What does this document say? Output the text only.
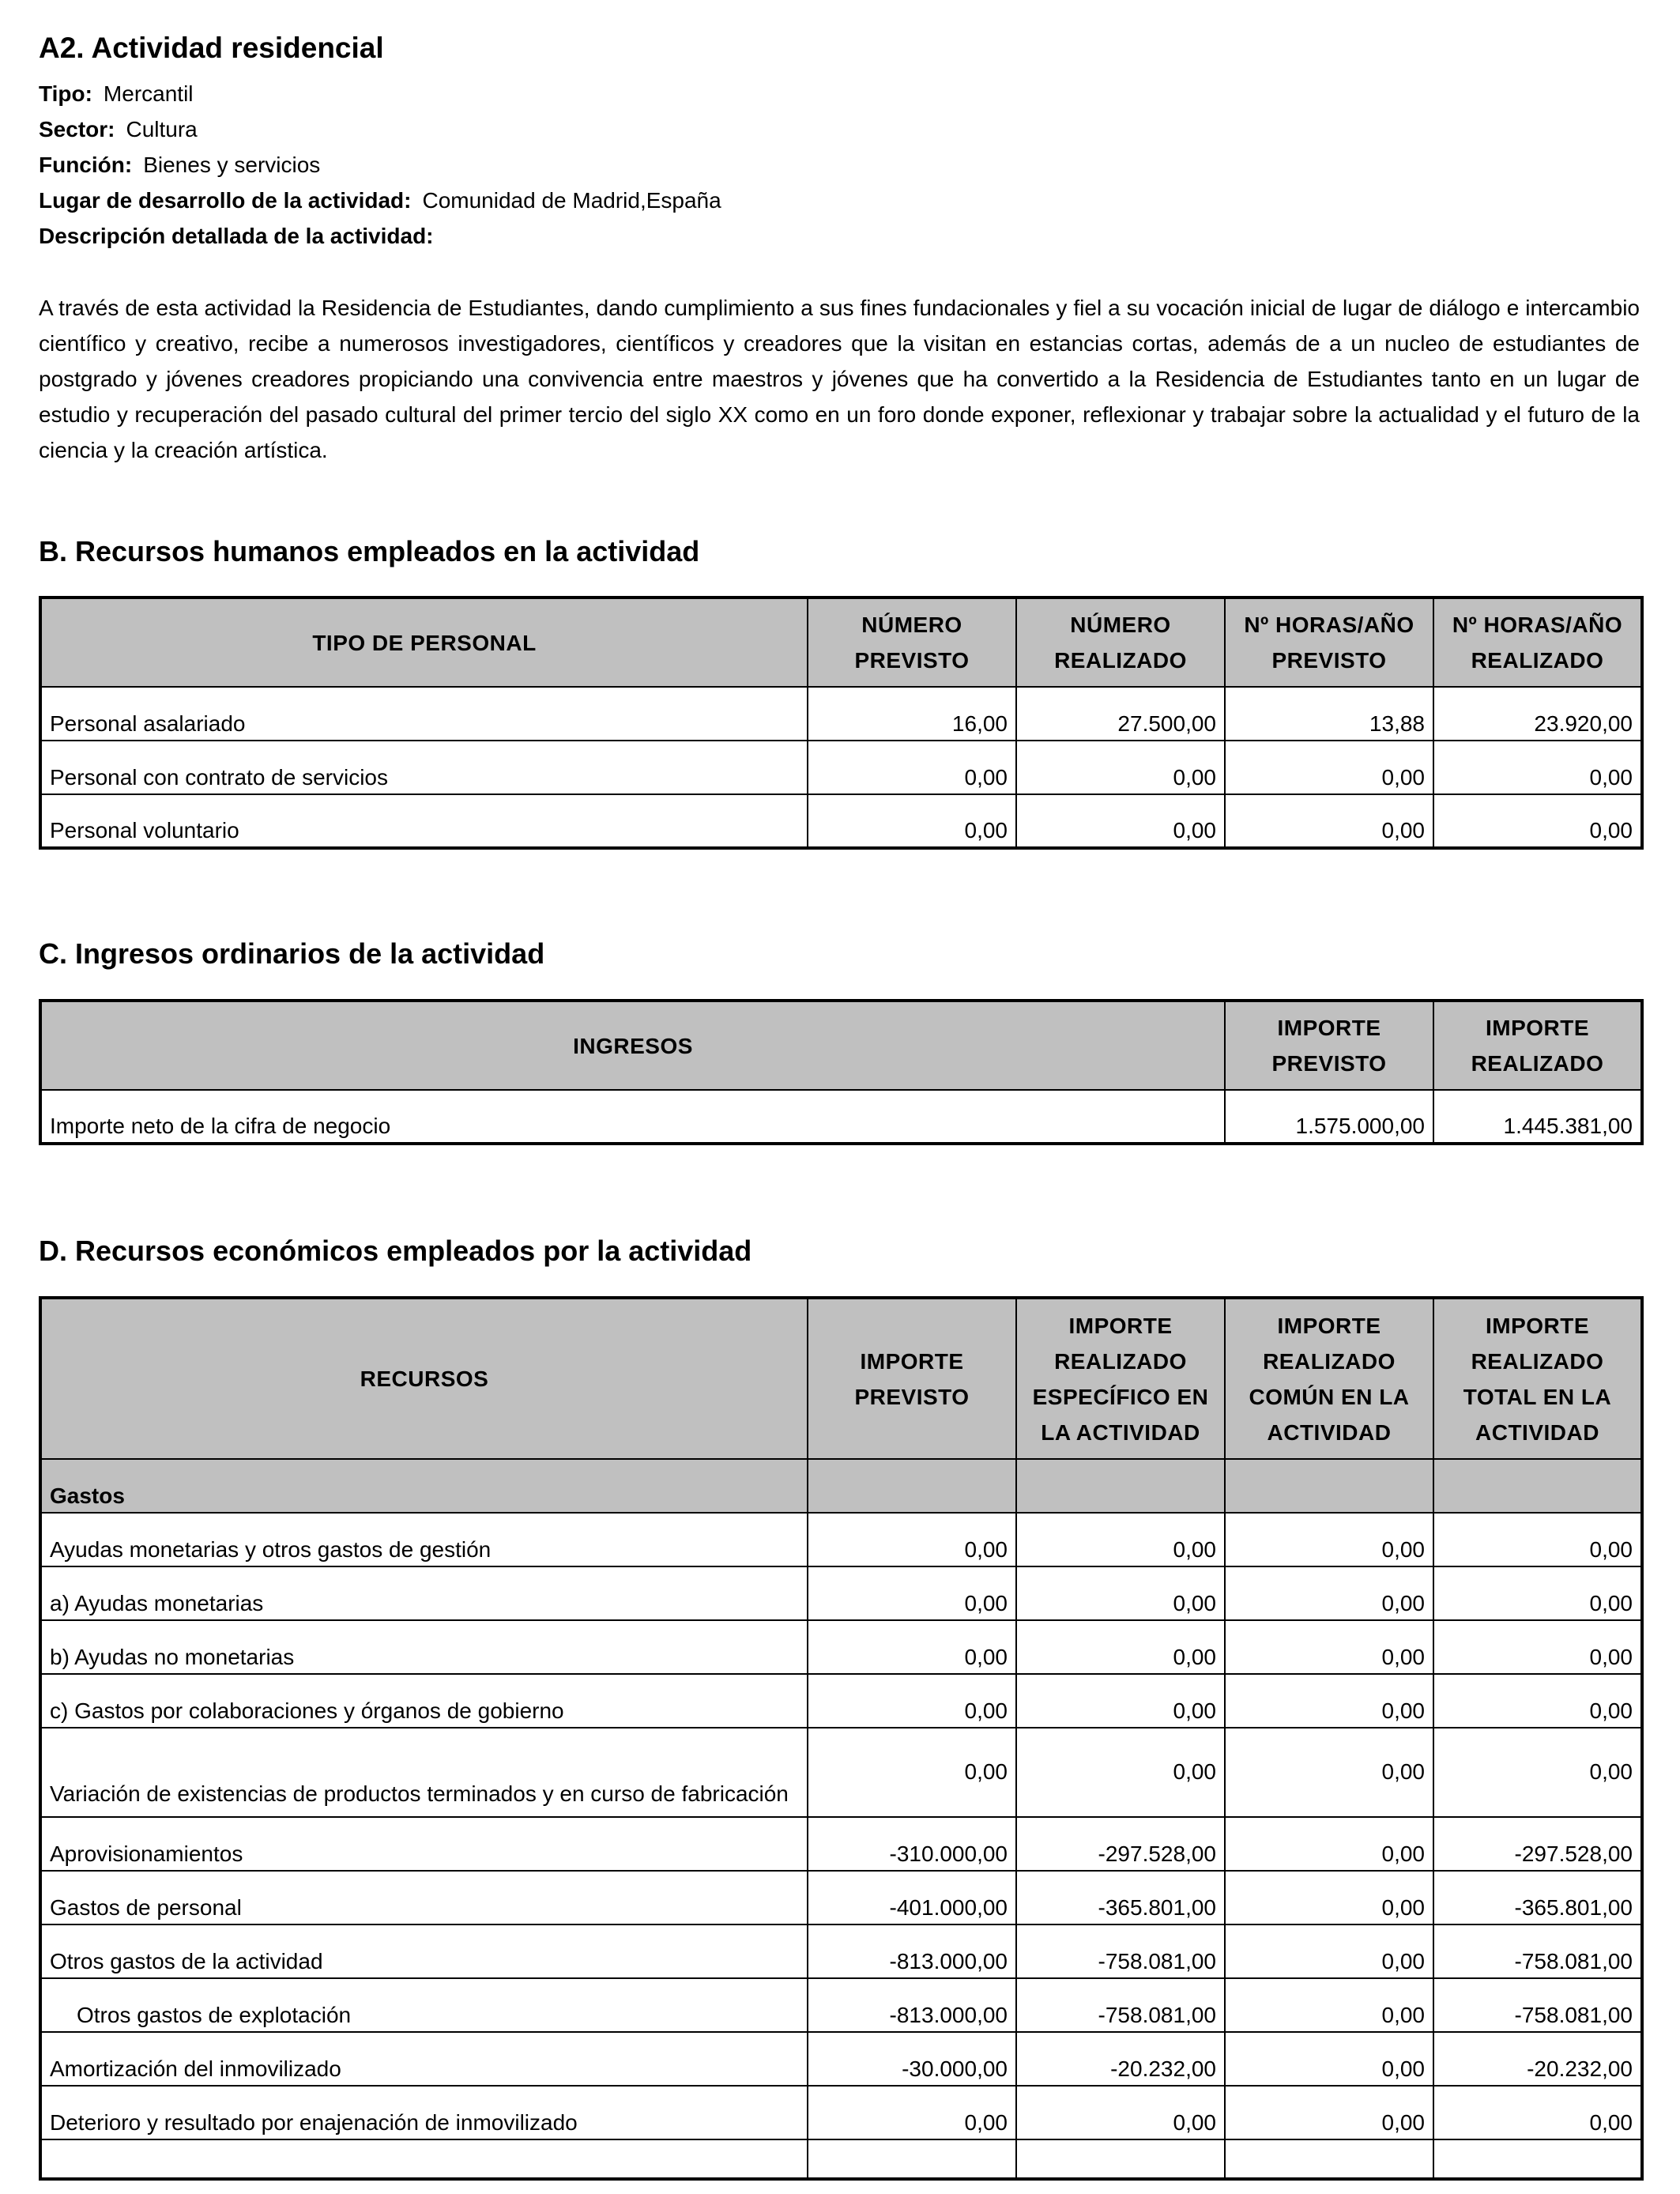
A2. Actividad residencial
Tipo: Mercantil
Sector: Cultura
Función: Bienes y servicios
Lugar de desarrollo de la actividad: Comunidad de Madrid,España
Descripción detallada de la actividad:
A través de esta actividad la Residencia de Estudiantes, dando cumplimiento a sus fines fundacionales y fiel a su vocación inicial de lugar de diálogo e intercambio científico y creativo, recibe a numerosos investigadores, científicos y creadores que la visitan en estancias cortas, además de a un nucleo de estudiantes de postgrado y jóvenes creadores propiciando una convivencia entre maestros y jóvenes que ha convertido a la Residencia de Estudiantes tanto en un lugar de estudio y recuperación del pasado cultural del primer tercio del siglo XX como en un foro donde exponer, reflexionar y trabajar sobre la actualidad y el futuro de la ciencia y la creación artística.
B. Recursos humanos empleados en la actividad
TIPO DE PERSONAL	NÚMERO PREVISTO	NÚMERO REALIZADO	Nº HORAS/AÑO PREVISTO	Nº HORAS/AÑO REALIZADO
Personal asalariado	16,00	27.500,00	13,88	23.920,00
Personal con contrato de servicios	0,00	0,00	0,00	0,00
Personal voluntario	0,00	0,00	0,00	0,00
C. Ingresos ordinarios de la actividad
INGRESOS	IMPORTE PREVISTO	IMPORTE REALIZADO
Importe neto de la cifra de negocio	1.575.000,00	1.445.381,00
D. Recursos económicos empleados por la actividad
RECURSOS	IMPORTE PREVISTO	IMPORTE REALIZADO ESPECÍFICO EN LA ACTIVIDAD	IMPORTE REALIZADO COMÚN EN LA ACTIVIDAD	IMPORTE REALIZADO TOTAL EN LA ACTIVIDAD
Gastos				
Ayudas monetarias y otros gastos de gestión	0,00	0,00	0,00	0,00
a) Ayudas monetarias	0,00	0,00	0,00	0,00
b) Ayudas no monetarias	0,00	0,00	0,00	0,00
c) Gastos por colaboraciones y órganos de gobierno	0,00	0,00	0,00	0,00
Variación de existencias de productos terminados y en curso de fabricación	0,00	0,00	0,00	0,00
Aprovisionamientos	-310.000,00	-297.528,00	0,00	-297.528,00
Gastos de personal	-401.000,00	-365.801,00	0,00	-365.801,00
Otros gastos de la actividad	-813.000,00	-758.081,00	0,00	-758.081,00
Otros gastos de explotación	-813.000,00	-758.081,00	0,00	-758.081,00
Amortización del inmovilizado	-30.000,00	-20.232,00	0,00	-20.232,00
Deterioro y resultado por enajenación de inmovilizado	0,00	0,00	0,00	0,00
